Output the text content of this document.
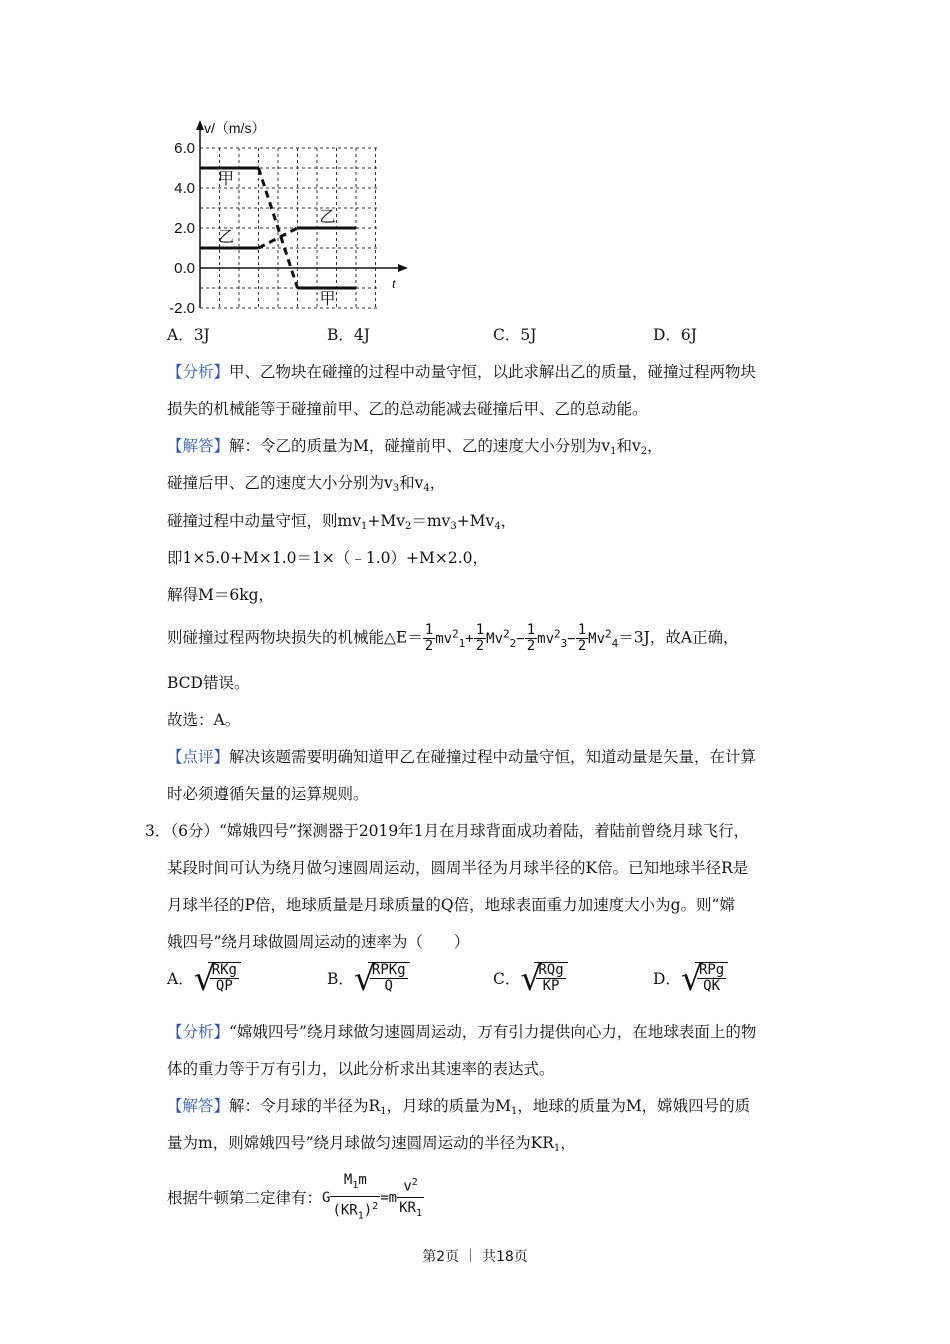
6.0
4.0
2.0
0.0
-2.0
v/（m/s）
t
甲
甲
乙
乙
A．3J	B．4J	C．5J	D．6J
【分析】甲、乙物块在碰撞的过程中动量守恒，以此求解出乙的质量，碰撞过程两物块
损失的机械能等于碰撞前甲、乙的总动能减去碰撞后甲、乙的总动能。
【解答】解：令乙的质量为M，碰撞前甲、乙的速度大小分别为$v_1$和$v_2$，
碰撞后甲、乙的速度大小分别为$v_3$和$v_4$，
碰撞过程中动量守恒，则$mv_1+Mv_2=mv_3+Mv_4$，
即1×5.0+M×1.0＝1×（﹣1.0）+M×2.0，
解得M＝6kg，
则碰撞过程两物块损失的机械能△E＝ $\frac{1}{2} mv^2_1+ \frac{1}{2} Mv^2_2- \frac{1}{2} mv^2_3- \frac{1}{2} Mv^2_4=3J$，故A正确，
BCD错误。
故选：A。
【点评】解决该题需要明确知道甲乙在碰撞过程中动量守恒，知道动量是矢量，在计算
时必须遵循矢量的运算规则。
3．（6分）“嫦娥四号”探测器于2019年1月在月球背面成功着陆，着陆前曾绕月球飞行，
某段时间可认为绕月做匀速圆周运动，圆周半径为月球半径的K倍。已知地球半径R是
月球半径的P倍，地球质量是月球质量的Q倍，地球表面重力加速度大小为g。则“嫦
娥四号”绕月球做圆周运动的速率为（　　）
A． √
$\frac{\text{RKg}}{QP}$	B． √
$\frac{\text{RPKg}}{Q}$	C． √
$\frac{\text{RQg}}{KP}$	D． √
$\frac{\text{RPg}}{QK}$
【分析】“嫦娥四号”绕月球做匀速圆周运动，万有引力提供向心力，在地球表面上的物
体的重力等于万有引力，以此分析求出其速率的表达式。
【解答】解：令月球的半径为$R_1$，月球的质量为$M_1$，地球的质量为M，嫦娥四号的质
量为m，则嫦娥四号”绕月球做匀速圆周运动的半径为$KR_1$，
根据牛顿第二定律有：G $\frac{M_1m}{(KR_1)^2} =m \frac{v^2}{KR_1}$
第2页 ｜ 共18页
